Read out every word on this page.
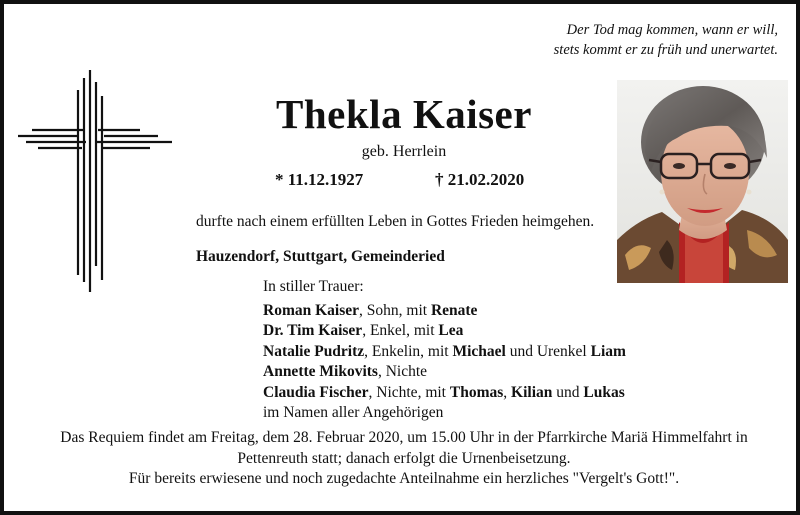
Der Tod mag kommen, wann er will,
stets kommt er zu früh und unerwartet.
Thekla Kaiser
geb. Herrlein
* 11.12.1927	† 21.02.2020
durfte nach einem erfüllten Leben in Gottes Frieden heimgehen.
Hauzendorf, Stuttgart, Gemeinderied
In stiller Trauer:
Roman Kaiser, Sohn, mit Renate
Dr. Tim Kaiser, Enkel, mit Lea
Natalie Pudritz, Enkelin, mit Michael und Urenkel Liam
Annette Mikovits, Nichte
Claudia Fischer, Nichte, mit Thomas, Kilian und Lukas
im Namen aller Angehörigen
Das Requiem findet am Freitag, dem 28. Februar 2020, um 15.00 Uhr in der Pfarrkirche Mariä Himmelfahrt in
Pettenreuth statt; danach erfolgt die Urnenbeisetzung.
Für bereits erwiesene und noch zugedachte Anteilnahme ein herzliches "Vergelt's Gott!".
